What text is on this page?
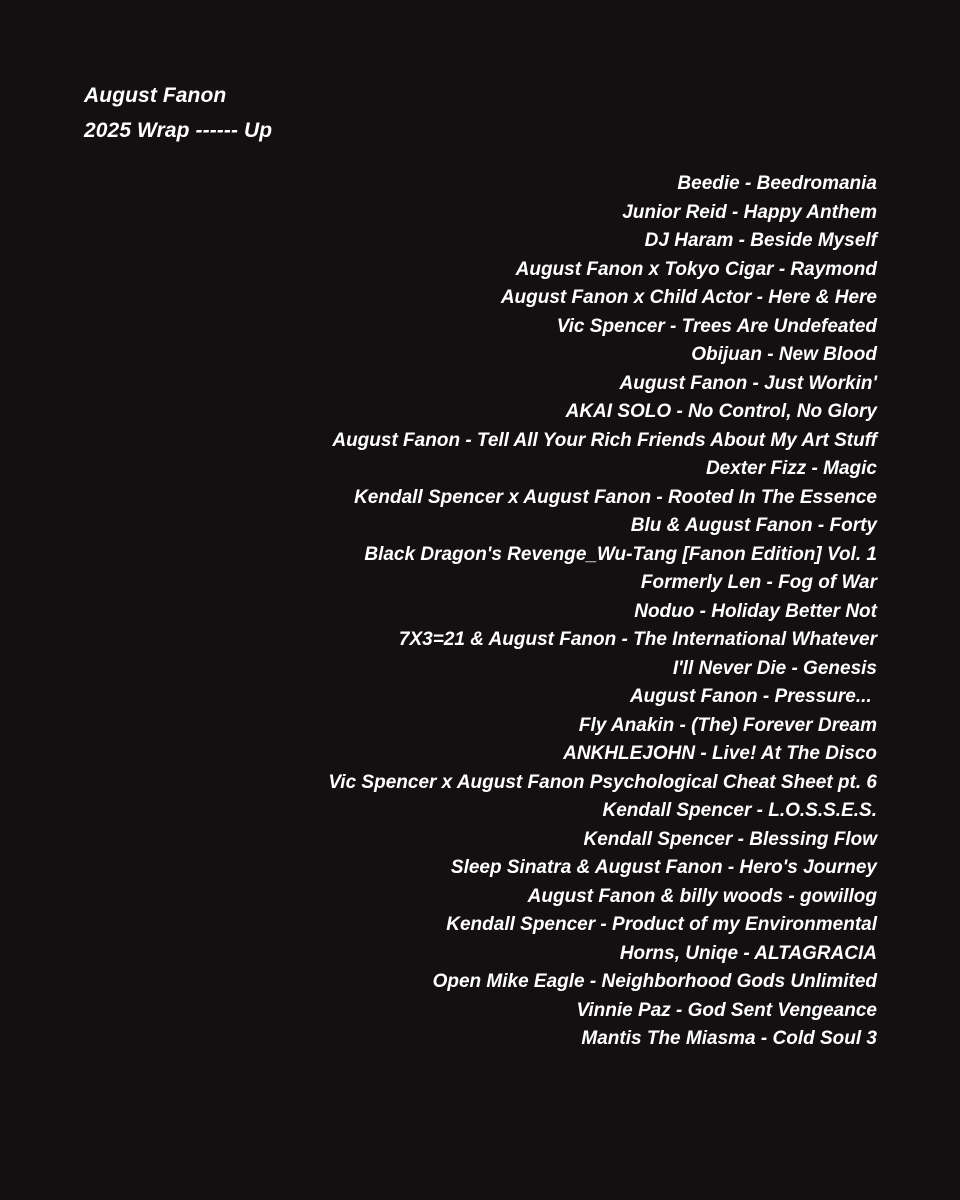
August Fanon
2025 Wrap ------ Up
Beedie - Beedromania
Junior Reid - Happy Anthem
DJ Haram - Beside Myself
August Fanon x Tokyo Cigar - Raymond
August Fanon x Child Actor - Here & Here
Vic Spencer - Trees Are Undefeated
Obijuan - New Blood
August Fanon - Just Workin'
AKAI SOLO - No Control, No Glory
August Fanon - Tell All Your Rich Friends About My Art Stuff
Dexter Fizz - Magic
Kendall Spencer x August Fanon - Rooted In The Essence
Blu & August Fanon - Forty
Black Dragon's Revenge_Wu-Tang [Fanon Edition] Vol. 1
Formerly Len - Fog of War
Noduo - Holiday Better Not
7X3=21 & August Fanon - The International Whatever
I'll Never Die - Genesis
August Fanon - Pressure...
Fly Anakin - (The) Forever Dream
ANKHLEJOHN - Live! At The Disco
Vic Spencer x August Fanon Psychological Cheat Sheet pt. 6
Kendall Spencer - L.O.S.S.E.S.
Kendall Spencer - Blessing Flow
Sleep Sinatra & August Fanon - Hero's Journey
August Fanon & billy woods - gowillog
Kendall Spencer - Product of my Environmental
Horns, Uniqe - ALTAGRACIA
Open Mike Eagle - Neighborhood Gods Unlimited
Vinnie Paz - God Sent Vengeance
Mantis The Miasma - Cold Soul 3
